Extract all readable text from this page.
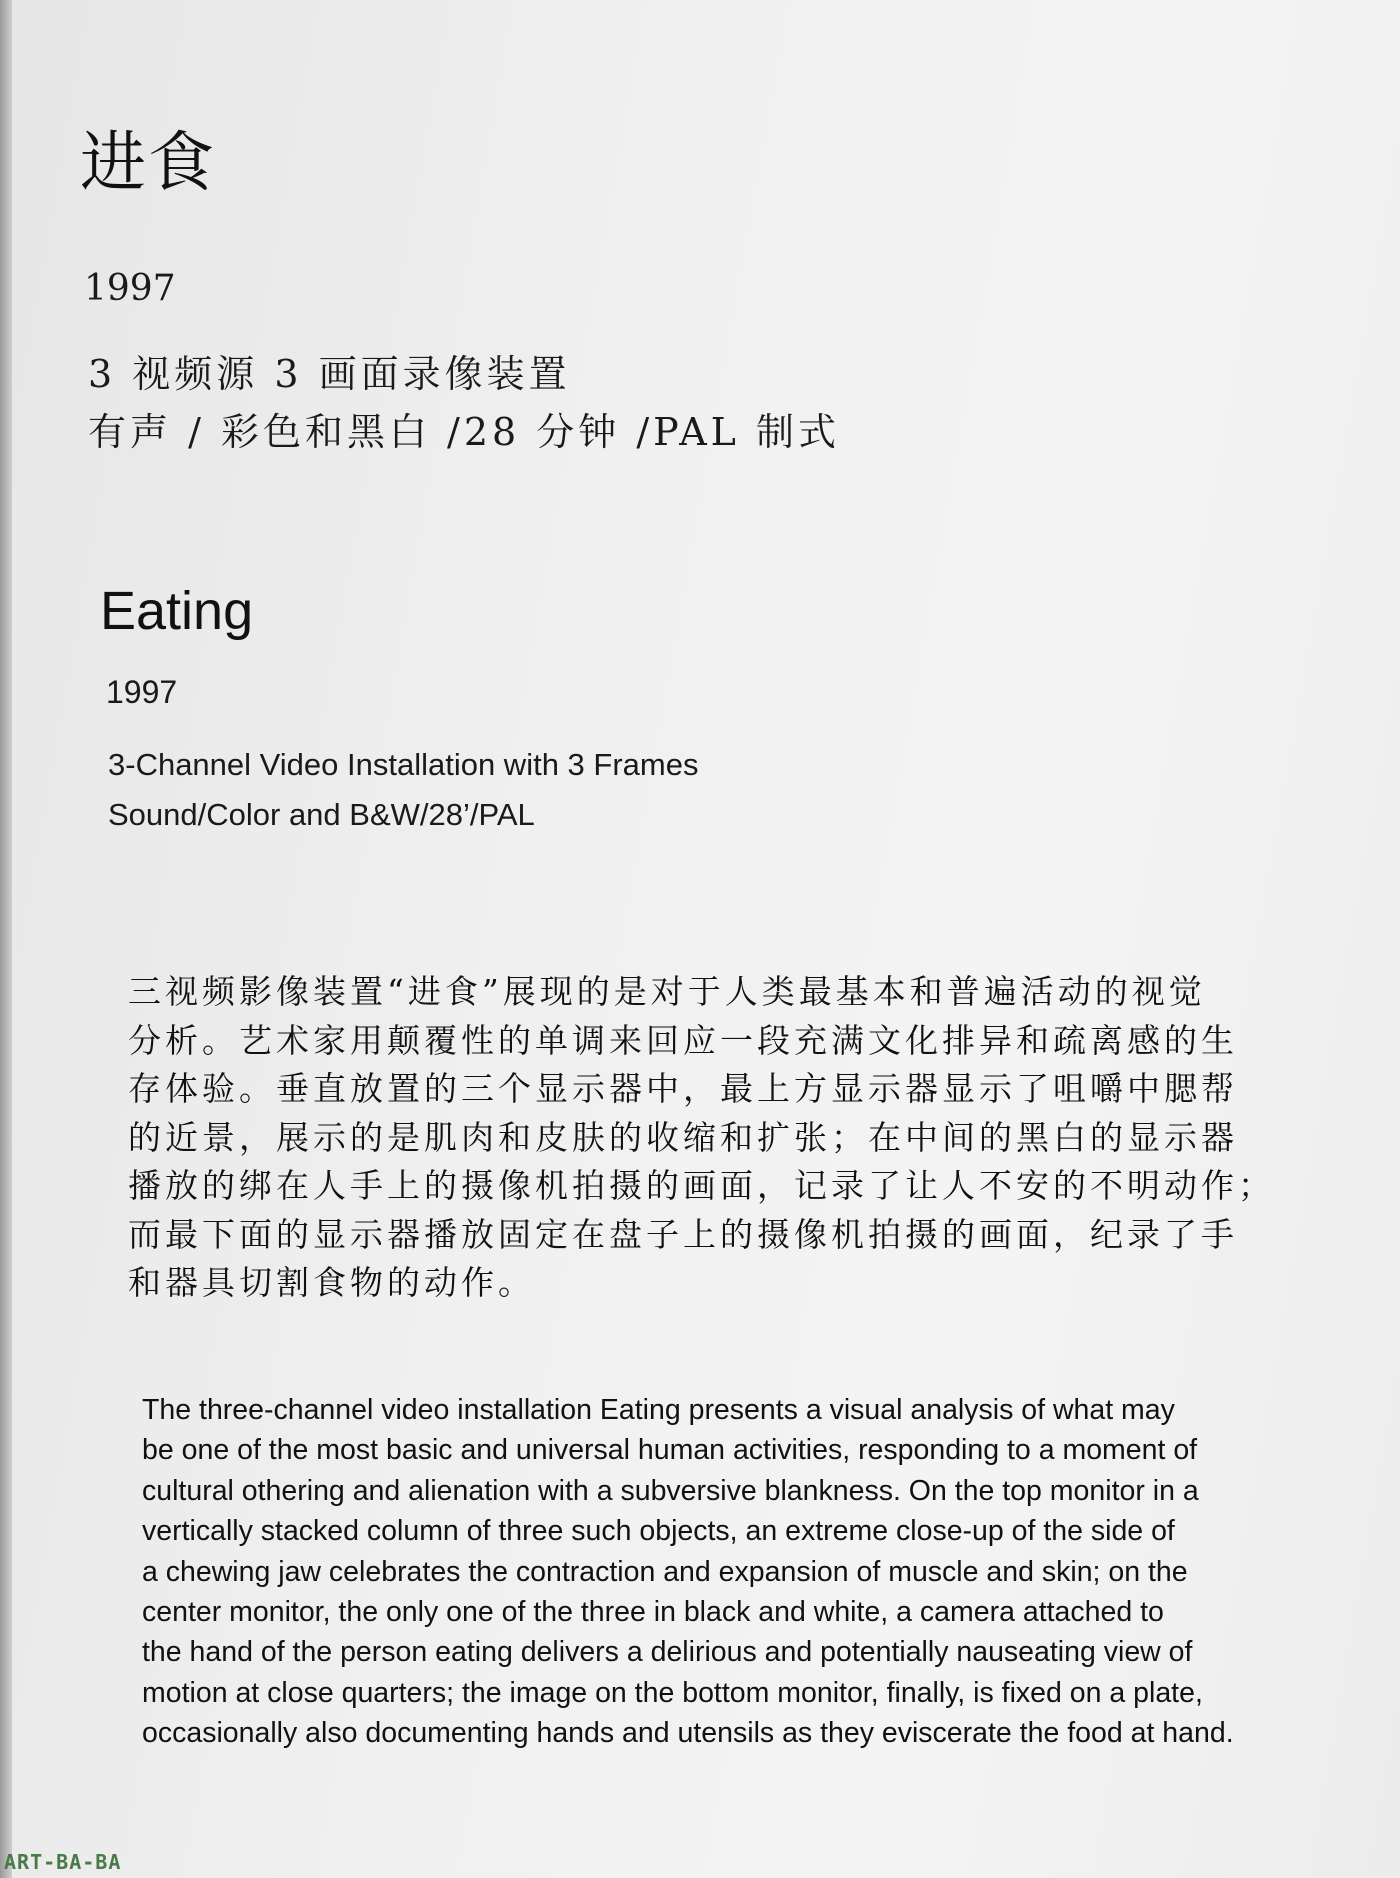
进食
1997
3 视频源 3 画面录像装置
有声 / 彩色和黑白 /28 分钟 /PAL 制式
Eating
1997
3-Channel Video Installation with 3 Frames
Sound/Color and B&W/28’/PAL
三视频影像装置“进食”展现的是对于人类最基本和普遍活动的视觉
分析。艺术家用颠覆性的单调来回应一段充满文化排异和疏离感的生
存体验。垂直放置的三个显示器中，最上方显示器显示了咀嚼中腮帮
的近景，展示的是肌肉和皮肤的收缩和扩张；在中间的黑白的显示器
播放的绑在人手上的摄像机拍摄的画面，记录了让人不安的不明动作；
而最下面的显示器播放固定在盘子上的摄像机拍摄的画面，纪录了手
和器具切割食物的动作。
The three-channel video installation Eating presents a visual analysis of what may
be one of the most basic and universal human activities, responding to a moment of
cultural othering and alienation with a subversive blankness. On the top monitor in a
vertically stacked column of three such objects, an extreme close-up of the side of
a chewing jaw celebrates the contraction and expansion of muscle and skin; on the
center monitor, the only one of the three in black and white, a camera attached to
the hand of the person eating delivers a delirious and potentially nauseating view of
motion at close quarters; the image on the bottom monitor, finally, is fixed on a plate,
occasionally also documenting hands and utensils as they eviscerate the food at hand.
ART-BA-BA
